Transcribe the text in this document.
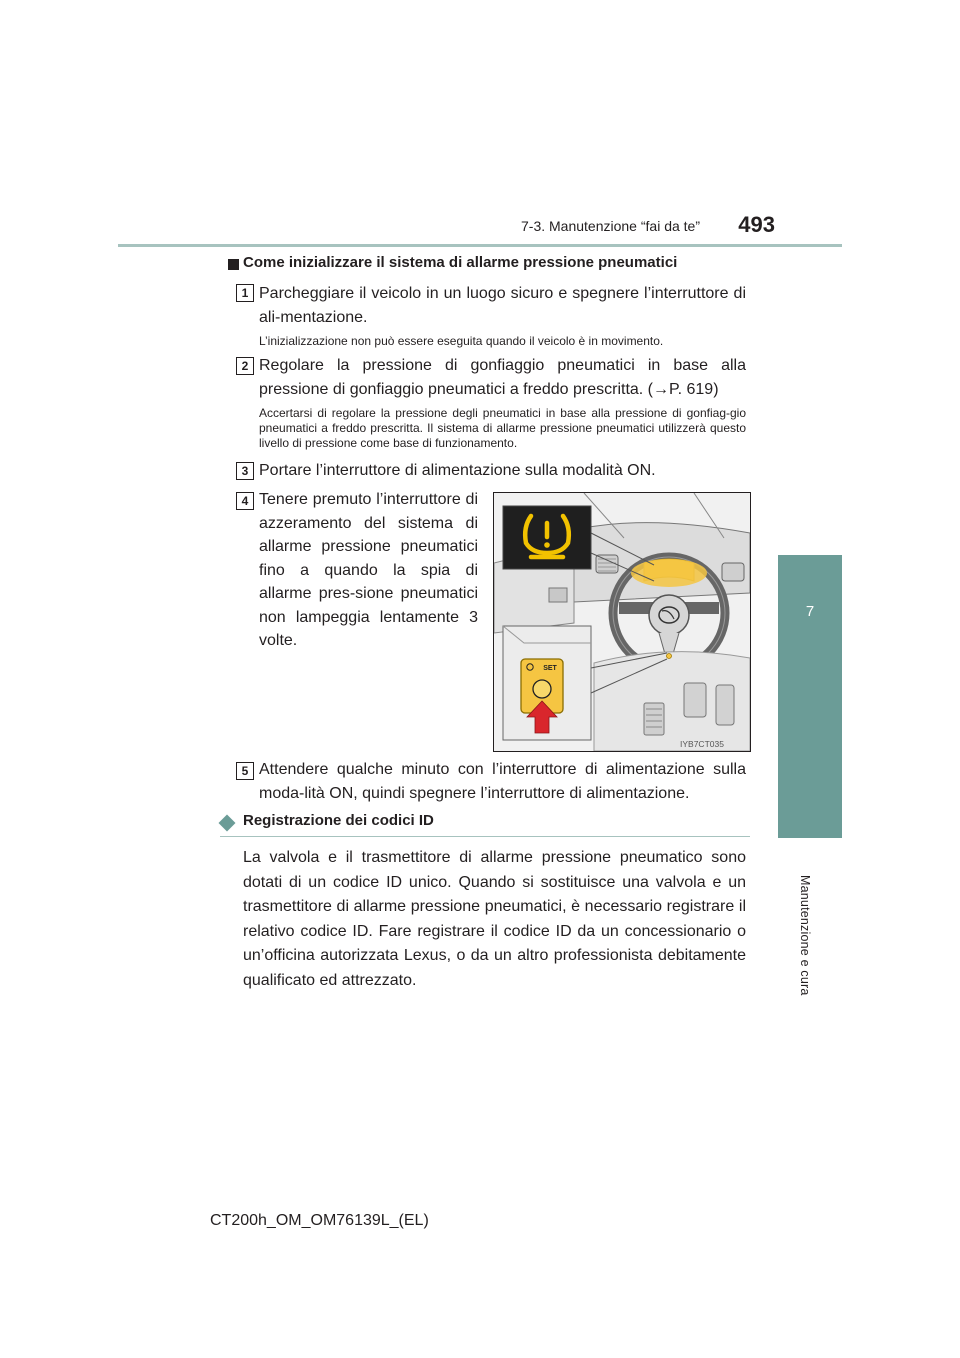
7-3. Manutenzione “fai da te”	493
7
Manutenzione e cura
Come inizializzare il sistema di allarme pressione pneumatici
1 Parcheggiare il veicolo in un luogo sicuro e spegnere l’interruttore di ali-mentazione.
L’inizializzazione non può essere eseguita quando il veicolo è in movimento.
2 Regolare la pressione di gonfiaggio pneumatici in base alla pressione di gonfiaggio pneumatici a freddo prescritta. (→P. 619)
Accertarsi di regolare la pressione degli pneumatici in base alla pressione di gonfiag-gio pneumatici a freddo prescritta. Il sistema di allarme pressione pneumatici utilizzerà questo livello di pressione come base di funzionamento.
3 Portare l’interruttore di alimentazione sulla modalità ON.
4 Tenere premuto l’interruttore di azzeramento del sistema di allarme pressione pneumatici fino a quando la spia di allarme pres-sione pneumatici non lampeggia lentamente 3 volte.
SET
IYB7CT035
5 Attendere qualche minuto con l’interruttore di alimentazione sulla moda-lità ON, quindi spegnere l’interruttore di alimentazione.
Registrazione dei codici ID
La valvola e il trasmettitore di allarme pressione pneumatico sono dotati di un codice ID unico. Quando si sostituisce una valvola e un trasmettitore di allarme pressione pneumatici, è necessario registrare il relativo codice ID. Fare registrare il codice ID da un concessionario o un’officina autorizzata Lexus, o da un altro professionista debitamente qualificato ed attrezzato.
CT200h_OM_OM76139L_(EL)
